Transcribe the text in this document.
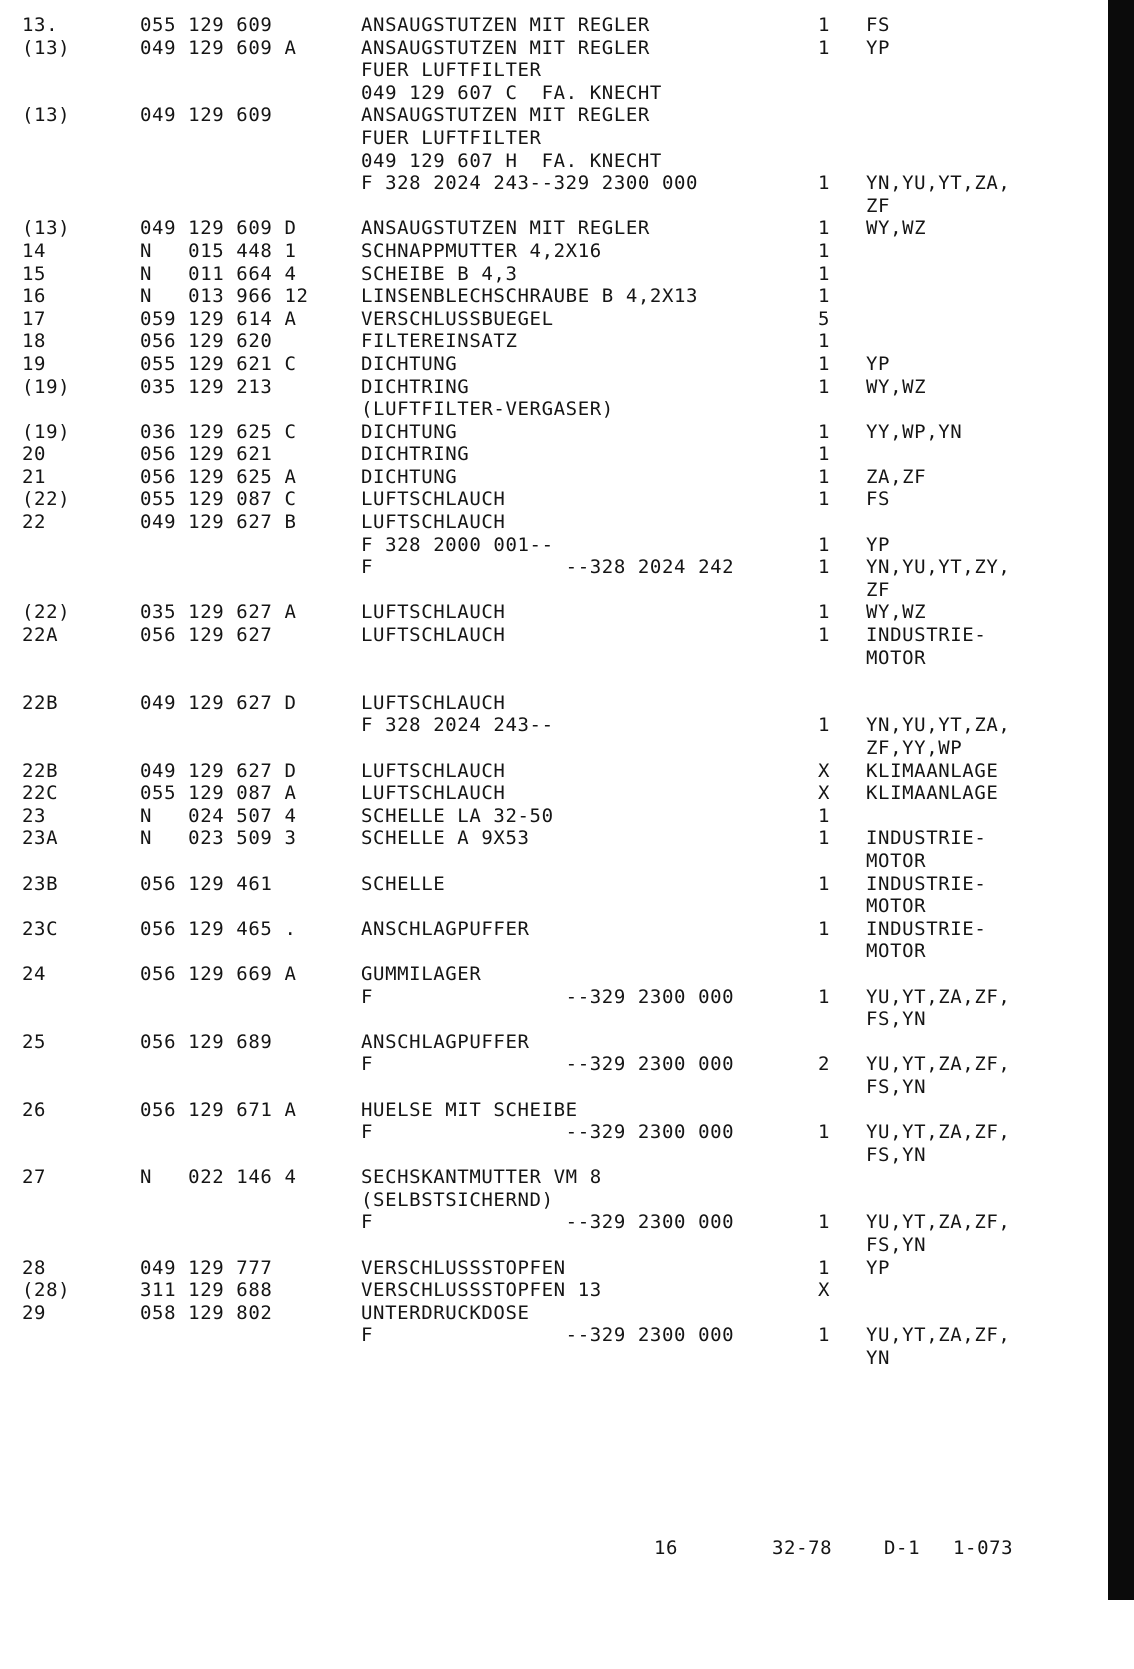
13.	055 129 609	ANSAUGSTUTZEN MIT REGLER	1 FS
(13)	049 129 609 A	ANSAUGSTUTZEN MIT REGLER	1 YP
FUER LUFTFILTER
049 129 607 C  FA. KNECHT
(13)	049 129 609	ANSAUGSTUTZEN MIT REGLER
FUER LUFTFILTER
049 129 607 H  FA. KNECHT
F 328 2024 243--329 2300 000	1 YN,YU,YT,ZA,
ZF
(13)	049 129 609 D	ANSAUGSTUTZEN MIT REGLER	1 WY,WZ
14	N   015 448 1	SCHNAPPMUTTER 4,2X16	1
15	N   011 664 4	SCHEIBE B 4,3	1
16	N   013 966 12	LINSENBLECHSCHRAUBE B 4,2X13	1
17	059 129 614 A	VERSCHLUSSBUEGEL	5
18	056 129 620	FILTEREINSATZ	1
19	055 129 621 C	DICHTUNG	1 YP
(19)	035 129 213	DICHTRING	1 WY,WZ
(LUFTFILTER-VERGASER)
(19)	036 129 625 C	DICHTUNG	1 YY,WP,YN
20	056 129 621	DICHTRING	1
21	056 129 625 A	DICHTUNG	1 ZA,ZF
(22)	055 129 087 C	LUFTSCHLAUCH	1 FS
22	049 129 627 B	LUFTSCHLAUCH
F 328 2000 001--	1 YP
F                --328 2024 242	1 YN,YU,YT,ZY,
ZF
(22)	035 129 627 A	LUFTSCHLAUCH	1 WY,WZ
22A	056 129 627	LUFTSCHLAUCH	1 INDUSTRIE-
MOTOR
22B	049 129 627 D	LUFTSCHLAUCH
F 328 2024 243--	1 YN,YU,YT,ZA,
ZF,YY,WP
22B	049 129 627 D	LUFTSCHLAUCH	X KLIMAANLAGE
22C	055 129 087 A	LUFTSCHLAUCH	X KLIMAANLAGE
23	N   024 507 4	SCHELLE LA 32-50	1
23A	N   023 509 3	SCHELLE A 9X53	1 INDUSTRIE-
MOTOR
23B	056 129 461	SCHELLE	1 INDUSTRIE-
MOTOR
23C	056 129 465 .	ANSCHLAGPUFFER	1 INDUSTRIE-
MOTOR
24	056 129 669 A	GUMMILAGER
F                --329 2300 000	1 YU,YT,ZA,ZF,
FS,YN
25	056 129 689	ANSCHLAGPUFFER
F                --329 2300 000	2 YU,YT,ZA,ZF,
FS,YN
26	056 129 671 A	HUELSE MIT SCHEIBE
F                --329 2300 000	1 YU,YT,ZA,ZF,
FS,YN
27	N   022 146 4	SECHSKANTMUTTER VM 8
(SELBSTSICHERND)
F                --329 2300 000	1 YU,YT,ZA,ZF,
FS,YN
28	049 129 777	VERSCHLUSSSTOPFEN	1 YP
(28)	311 129 688	VERSCHLUSSSTOPFEN 13	X
29	058 129 802	UNTERDRUCKDOSE
F                --329 2300 000	1 YU,YT,ZA,ZF,
YN

16

	32-78

	D-1

1-073
